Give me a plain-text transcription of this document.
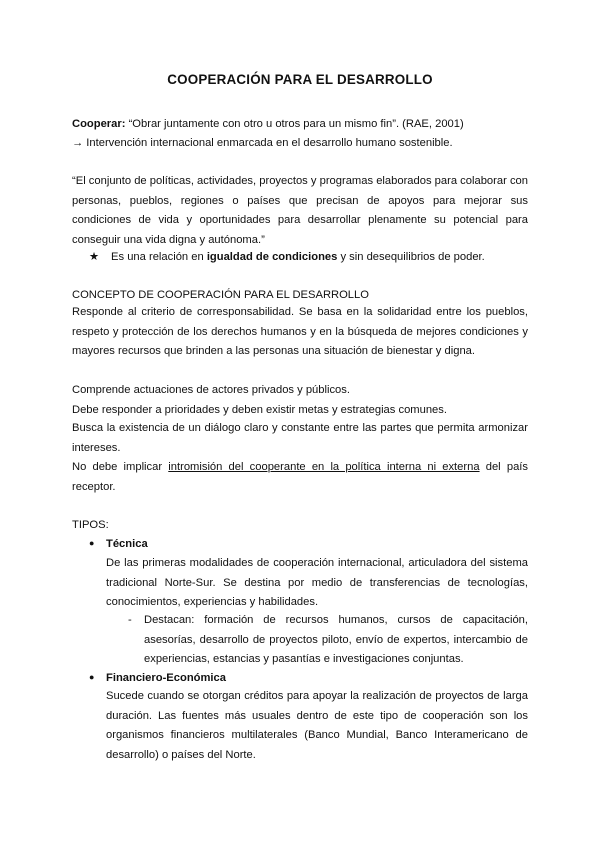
COOPERACIÓN PARA EL DESARROLLO
Cooperar: “Obrar juntamente con otro u otros para un mismo fin”. (RAE, 2001)
→ Intervención internacional enmarcada en el desarrollo humano sostenible.
“El conjunto de políticas, actividades, proyectos y programas elaborados para colaborar con personas, pueblos, regiones o países que precisan de apoyos para mejorar sus condiciones de vida y oportunidades para desarrollar plenamente su potencial para conseguir una vida digna y autónoma.”
★ Es una relación en igualdad de condiciones y sin desequilibrios de poder.
CONCEPTO DE COOPERACIÓN PARA EL DESARROLLO
Responde al criterio de corresponsabilidad. Se basa en la solidaridad entre los pueblos, respeto y protección de los derechos humanos y en la búsqueda de mejores condiciones y mayores recursos que brinden a las personas una situación de bienestar y digna.
Comprende actuaciones de actores privados y públicos.
Debe responder a prioridades y deben existir metas y estrategias comunes.
Busca la existencia de un diálogo claro y constante entre las partes que permita armonizar intereses.
No debe implicar intromisión del cooperante en la política interna ni externa del país receptor.
TIPOS:
● Técnica
De las primeras modalidades de cooperación internacional, articuladora del sistema tradicional Norte-Sur. Se destina por medio de transferencias de tecnologías, conocimientos, experiencias y habilidades.
- Destacan: formación de recursos humanos, cursos de capacitación, asesorías, desarrollo de proyectos piloto, envío de expertos, intercambio de experiencias, estancias y pasantías e investigaciones conjuntas.
● Financiero-Económica
Sucede cuando se otorgan créditos para apoyar la realización de proyectos de larga duración. Las fuentes más usuales dentro de este tipo de cooperación son los organismos financieros multilaterales (Banco Mundial, Banco Interamericano de desarrollo) o países del Norte.
